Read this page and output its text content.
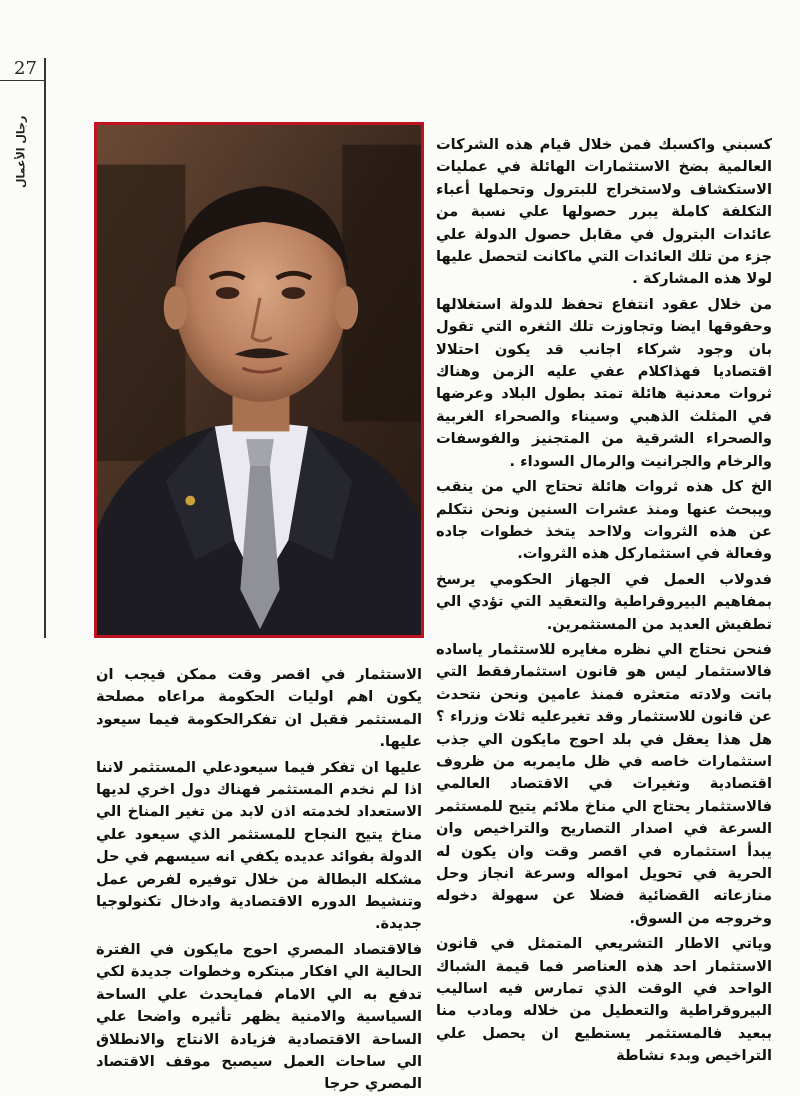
27
رجال الأعمال	كسبني واكسبك فمن خلال قيام هذه الشركات العالمية بضخ الاستثمارات الهائلة في عمليات الاستكشاف ولاستخراج للبترول وتحملها أعباء التكلفة كاملة يبرر حصولها علي نسبة من عائدات البترول في مقابل حصول الدولة علي جزء من تلك العائدات التي ماكانت لتحصل عليها لولا هذه المشاركة .

من خلال عقود انتفاع تحفظ للدولة استغلالها وحقوقها ايضا وتجاوزت تلك الثغره التي تقول بان وجود شركاء اجانب قد يكون احتلالا اقتصاديا فهذاكلام عفي عليه الزمن وهناك ثروات معدنية هائلة تمتد بطول البلاد وعرضها في المثلث الذهبي وسيناء والصحراء الغربية والصحراء الشرقية من المتجنيز والفوسفات والرخام والجرانيت والرمال السوداء .

الخ كل هذه ثروات هائلة تحتاج الي من ينقب ويبحث عنها ومنذ عشرات السنين ونحن نتكلم عن هذه الثروات ولااحد يتخذ خطوات جاده وفعالة في استثماركل هذه الثروات.

فدولاب العمل في الجهاز الحكومي يرسخ بمفاهيم البيروقراطية والتعقيد التي تؤدي الي تطفيش العديد من المستثمرين.

فنحن نحتاج الي نظره مغايره للاستثمار ياساده فالاستثمار ليس هو قانون استثمارفقط التي باتت ولادته متعثره فمنذ عامين ونحن نتحدث عن قانون للاستثمار وقد تغيرعليه ثلاث وزراء ؟هل هذا يعقل في بلد احوج مايكون الي جذب استثمارات خاصه في ظل مايمربه من ظروف اقتصادية وتغيرات في الاقتصاد العالمي فالاستثمار يحتاج الي مناخ ملائم يتيح للمستثمر السرعة في اصدار التصاريح والتراخيص وان يبدأ استثماره في اقصر وقت وان يكون له الحرية في تحويل امواله وسرعة انجاز وحل منازعاته القضائية فضلا عن سهولة دخوله وخروجه من السوق.

وياتي الاطار التشريعي المتمثل في قانون الاستثمار احد هذه العناصر فما قيمة الشباك الواحد في الوقت الذي تمارس فيه اساليب البيروقراطية والتعطيل من خلاله ومادب منا ببعيد فالمستثمر يستطيع ان يحصل علي التراخيص وبدء نشاطة

الاستثمار في اقصر وقت ممكن فيجب ان يكون اهم اوليات الحكومة مراعاه مصلحة المستثمر فقبل ان تفكرالحكومة فيما سيعود عليها.

عليها ان تفكر فيما سيعودعلي المستثمر لاننا اذا لم نخدم المستثمر فهناك دول اخري لديها الاستعداد لخدمته اذن لابد من تغير المناخ الي مناخ يتيح النجاح للمستثمر الذي سيعود علي الدولة بفوائد عديده يكفي انه سيسهم في حل مشكله البطالة من خلال توفيره لفرص عمل وتنشيط الدوره الاقتصادية وادخال تكنولوجيا جديدة.

فالاقتصاد المصري احوج مايكون في الفترة الحالية الي افكار مبتكره وخطوات جديدة لكي تدفع به الي الامام فمايحدث علي الساحة السياسية والامنية يظهر تأثيره واضحا علي الساحة الاقتصادية فزيادة الانتاج والانطلاق الي ساحات العمل سيصبح موقف الاقتصاد المصري حرجا
